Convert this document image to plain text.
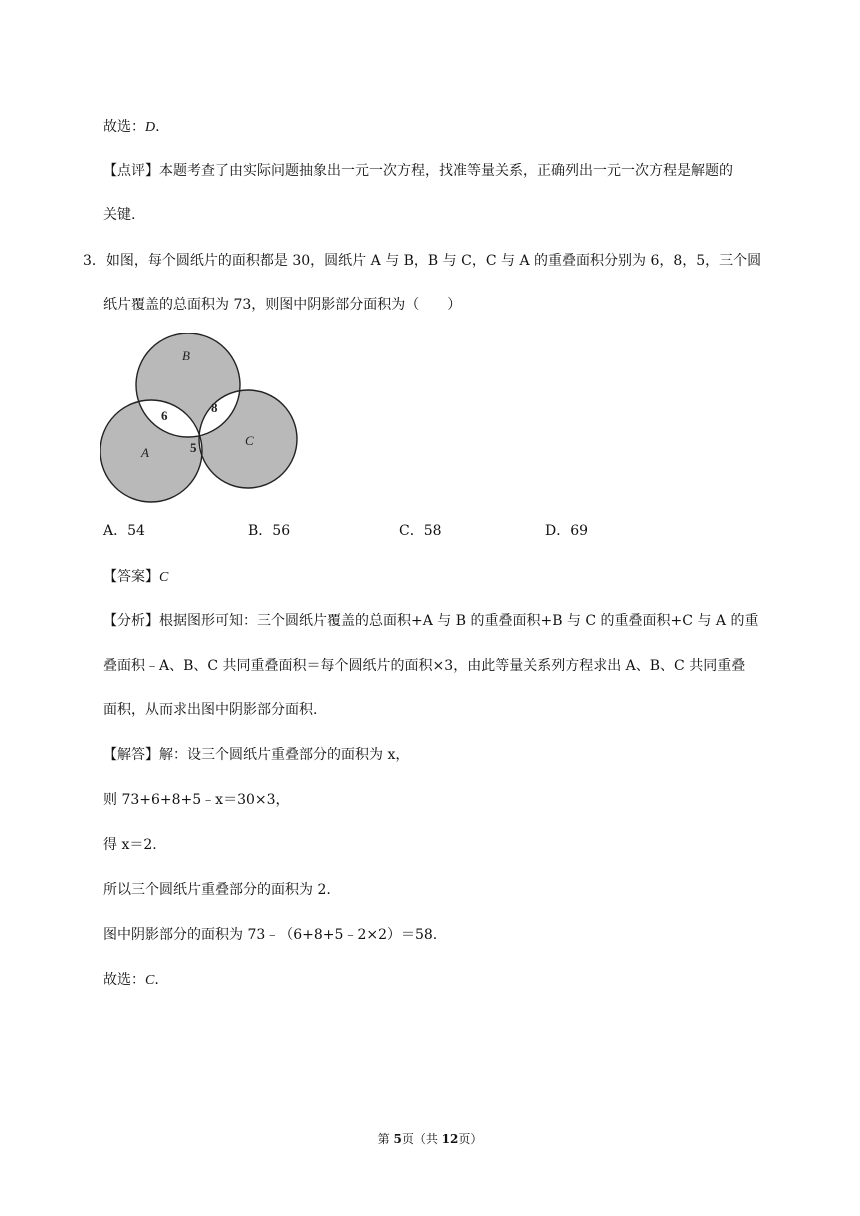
故选：D.
【点评】本题考查了由实际问题抽象出一元一次方程，找准等量关系，正确列出一元一次方程是解题的
关键.
3．如图，每个圆纸片的面积都是 30，圆纸片 A 与 B，B 与 C，C 与 A 的重叠面积分别为 6，8，5，三个圆
纸片覆盖的总面积为 73，则图中阴影部分面积为（　　）
B
A
C
6
8
5
A．54	B．56	C．58	D．69
【答案】C
【分析】根据图形可知：三个圆纸片覆盖的总面积+A 与 B 的重叠面积+B 与 C 的重叠面积+C 与 A 的重
叠面积﹣A、B、C 共同重叠面积＝每个圆纸片的面积×3，由此等量关系列方程求出 A、B、C 共同重叠
面积，从而求出图中阴影部分面积.
【解答】解：设三个圆纸片重叠部分的面积为 x，
则 73+6+8+5﹣x＝30×3，
得 x＝2.
所以三个圆纸片重叠部分的面积为 2.
图中阴影部分的面积为 73﹣（6+8+5﹣2×2）＝58.
故选：C.
第 5页（共 12页）
